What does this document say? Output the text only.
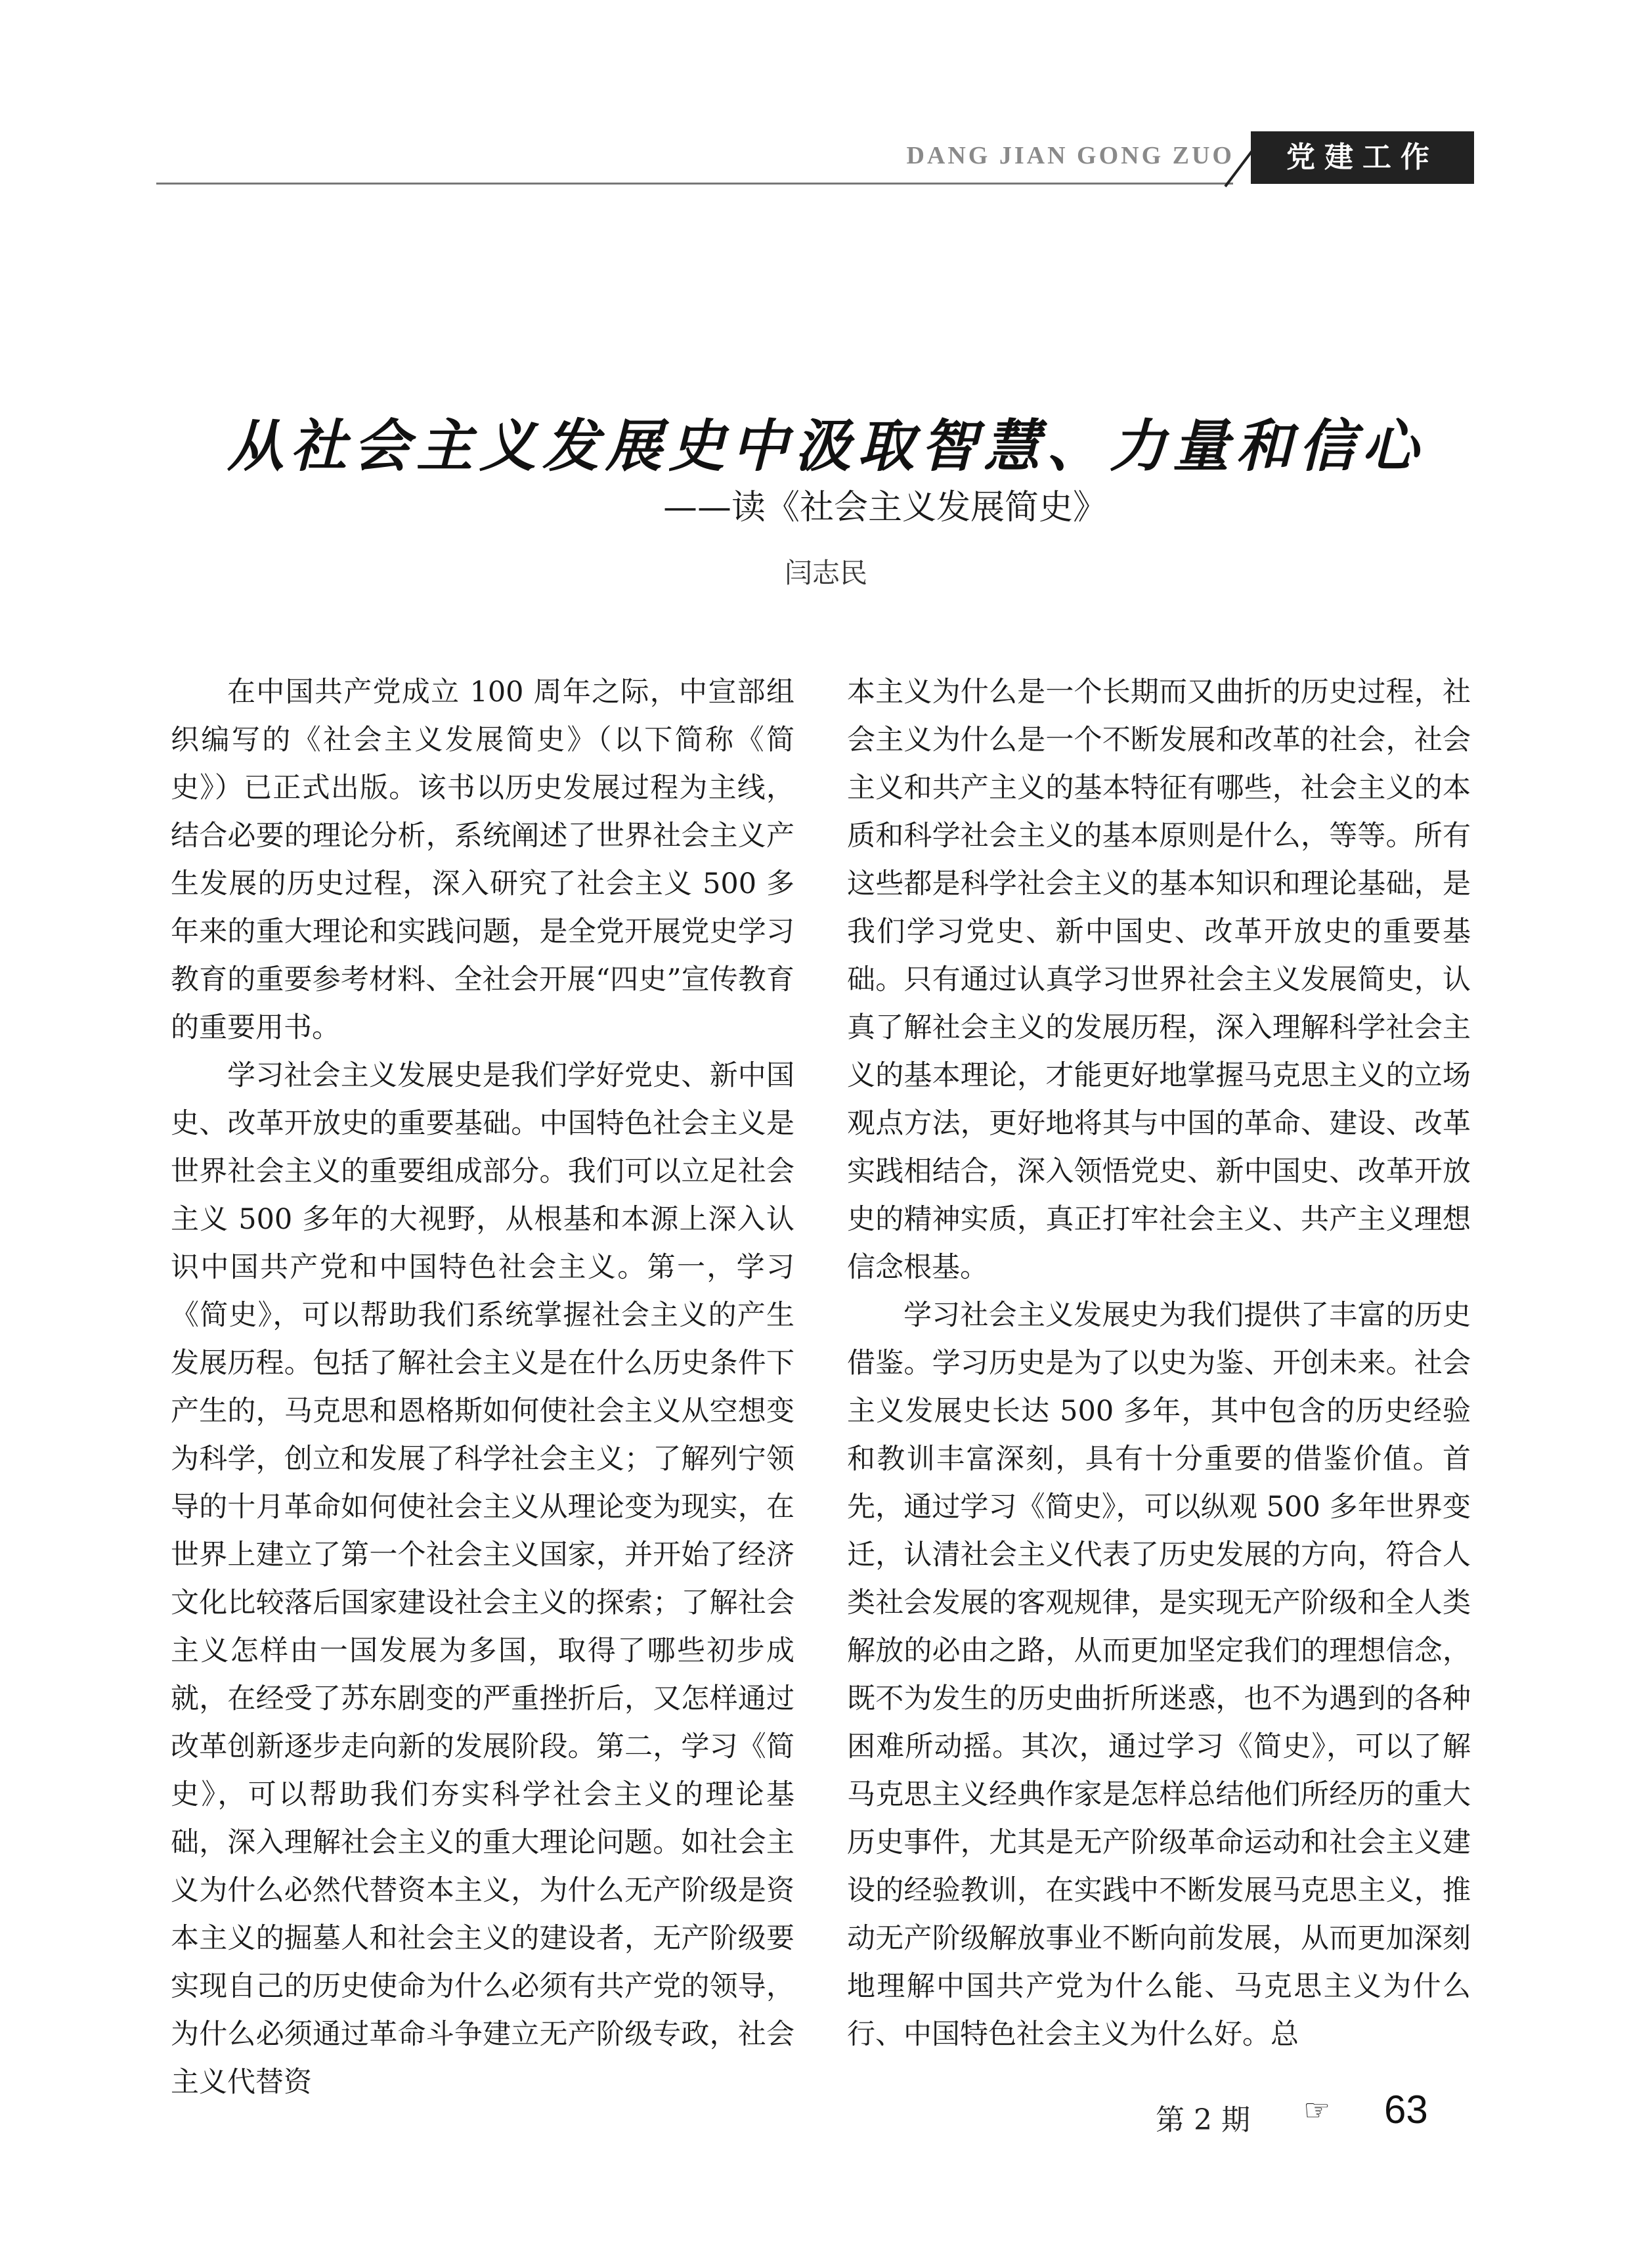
DANG JIAN GONG ZUO	党建工作
从社会主义发展史中汲取智慧、力量和信心
——读《社会主义发展简史》
闫志民

在中国共产党成立 100 周年之际，中宣部组织编写的《社会主义发展简史》（以下简称《简史》）已正式出版。该书以历史发展过程为主线，结合必要的理论分析，系统阐述了世界社会主义产生发展的历史过程，深入研究了社会主义 500 多年来的重大理论和实践问题，是全党开展党史学习教育的重要参考材料、全社会开展“四史”宣传教育的重要用书。

学习社会主义发展史是我们学好党史、新中国史、改革开放史的重要基础。中国特色社会主义是世界社会主义的重要组成部分。我们可以立足社会主义 500 多年的大视野，从根基和本源上深入认识中国共产党和中国特色社会主义。第一，学习《简史》，可以帮助我们系统掌握社会主义的产生发展历程。包括了解社会主义是在什么历史条件下产生的，马克思和恩格斯如何使社会主义从空想变为科学，创立和发展了科学社会主义；了解列宁领导的十月革命如何使社会主义从理论变为现实，在世界上建立了第一个社会主义国家，并开始了经济文化比较落后国家建设社会主义的探索；了解社会主义怎样由一国发展为多国，取得了哪些初步成就，在经受了苏东剧变的严重挫折后，又怎样通过改革创新逐步走向新的发展阶段。第二，学习《简史》，可以帮助我们夯实科学社会主义的理论基础，深入理解社会主义的重大理论问题。如社会主义为什么必然代替资本主义，为什么无产阶级是资本主义的掘墓人和社会主义的建设者，无产阶级要实现自己的历史使命为什么必须有共产党的领导，为什么必须通过革命斗争建立无产阶级专政，社会主义代替资

本主义为什么是一个长期而又曲折的历史过程，社会主义为什么是一个不断发展和改革的社会，社会主义和共产主义的基本特征有哪些，社会主义的本质和科学社会主义的基本原则是什么，等等。所有这些都是科学社会主义的基本知识和理论基础，是我们学习党史、新中国史、改革开放史的重要基础。只有通过认真学习世界社会主义发展简史，认真了解社会主义的发展历程，深入理解科学社会主义的基本理论，才能更好地掌握马克思主义的立场观点方法，更好地将其与中国的革命、建设、改革实践相结合，深入领悟党史、新中国史、改革开放史的精神实质，真正打牢社会主义、共产主义理想信念根基。

学习社会主义发展史为我们提供了丰富的历史借鉴。学习历史是为了以史为鉴、开创未来。社会主义发展史长达 500 多年，其中包含的历史经验和教训丰富深刻，具有十分重要的借鉴价值。首先，通过学习《简史》，可以纵观 500 多年世界变迁，认清社会主义代表了历史发展的方向，符合人类社会发展的客观规律，是实现无产阶级和全人类解放的必由之路，从而更加坚定我们的理想信念，既不为发生的历史曲折所迷惑，也不为遇到的各种困难所动摇。其次，通过学习《简史》，可以了解马克思主义经典作家是怎样总结他们所经历的重大历史事件，尤其是无产阶级革命运动和社会主义建设的经验教训，在实践中不断发展马克思主义，推动无产阶级解放事业不断向前发展，从而更加深刻地理解中国共产党为什么能、马克思主义为什么行、中国特色社会主义为什么好。总

第 2 期 ☞ 63
